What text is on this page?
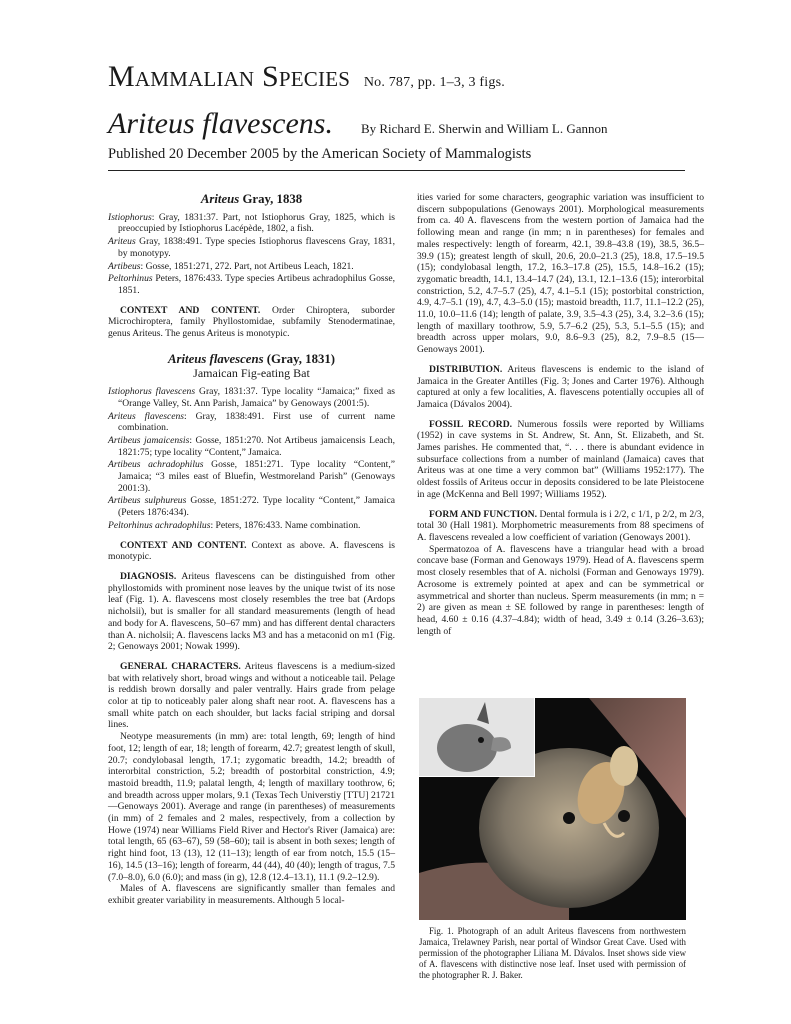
Mammalian Species No. 787, pp. 1–3, 3 figs.
Ariteus flavescens. By Richard E. Sherwin and William L. Gannon
Published 20 December 2005 by the American Society of Mammalogists
Ariteus Gray, 1838
Istiophorus: Gray, 1831:37. Part, not Istiophorus Gray, 1825, which is preoccupied by Istiophorus Lacépède, 1802, a fish.
Ariteus Gray, 1838:491. Type species Istiophorus flavescens Gray, 1831, by monotypy.
Artibeus: Gosse, 1851:271, 272. Part, not Artibeus Leach, 1821.
Peltorhinus Peters, 1876:433. Type species Artibeus achradophilus Gosse, 1851.

CONTEXT AND CONTENT. Order Chiroptera, suborder Microchiroptera, family Phyllostomidae, subfamily Stenodermatinae, genus Ariteus. The genus Ariteus is monotypic.

Ariteus flavescens (Gray, 1831)
Jamaican Fig-eating Bat
Istiophorus flavescens Gray, 1831:37. Type locality “Jamaica;” fixed as “Orange Valley, St. Ann Parish, Jamaica” by Genoways (2001:5).
Ariteus flavescens: Gray, 1838:491. First use of current name combination.
Artibeus jamaicensis: Gosse, 1851:270. Not Artibeus jamaicensis Leach, 1821:75; type locality “Content,” Jamaica.
Artibeus achradophilus Gosse, 1851:271. Type locality “Content,” Jamaica; “3 miles east of Bluefin, Westmoreland Parish” (Genoways 2001:3).
Artibeus sulphureus Gosse, 1851:272. Type locality “Content,” Jamaica (Peters 1876:434).
Peltorhinus achradophilus: Peters, 1876:433. Name combination.

CONTEXT AND CONTENT. Context as above. A. flavescens is monotypic.

DIAGNOSIS. Ariteus flavescens can be distinguished from other phyllostomids with prominent nose leaves by the unique twist of its nose leaf (Fig. 1). A. flavescens most closely resembles the tree bat (Ardops nicholsii), but is smaller for all standard measurements (length of head and body for A. flavescens, 50–67 mm) and has different dental characters than A. nicholsii; A. flavescens lacks M3 and has a metaconid on m1 (Fig. 2; Genoways 2001; Nowak 1999).

GENERAL CHARACTERS. Ariteus flavescens is a medium-sized bat with relatively short, broad wings and without a noticeable tail. Pelage is reddish brown dorsally and paler ventrally. Hairs grade from pelage color at tip to noticeably paler along shaft near root. A. flavescens has a small white patch on each shoulder, but lacks facial striping and dorsal lines.

Neotype measurements (in mm) are: total length, 69; length of hind foot, 12; length of ear, 18; length of forearm, 42.7; greatest length of skull, 20.7; condylobasal length, 17.1; zygomatic breadth, 14.2; breadth of interorbital constriction, 5.2; breadth of postorbital constriction, 4.9; mastoid breadth, 11.9; palatal length, 4; length of maxillary toothrow, 6; and breadth across upper molars, 9.1 (Texas Tech Universtiy [TTU] 21721—Genoways 2001). Average and range (in parentheses) of measurements (in mm) of 2 females and 2 males, respectively, from a collection by Howe (1974) near Williams Field River and Hector's River (Jamaica) are: total length, 65 (63–67), 59 (58–60); tail is absent in both sexes; length of right hind foot, 13 (13), 12 (11–13); length of ear from notch, 15.5 (15–16), 14.5 (13–16); length of forearm, 44 (44), 40 (40); length of tragus, 7.5 (7.0–8.0), 6.0 (6.0); and mass (in g), 12.8 (12.4–13.1), 11.1 (9.2–12.9).

Males of A. flavescens are significantly smaller than females and exhibit greater variability in measurements. Although 5 local-

ities varied for some characters, geographic variation was insufficient to discern subpopulations (Genoways 2001). Morphological measurements from ca. 40 A. flavescens from the western portion of Jamaica had the following mean and range (in mm; n in parentheses) for females and males respectively: length of forearm, 42.1, 39.8–43.8 (19), 38.5, 36.5–39.9 (15); greatest length of skull, 20.6, 20.0–21.3 (25), 18.8, 17.5–19.5 (15); condylobasal length, 17.2, 16.3–17.8 (25), 15.5, 14.8–16.2 (15); zygomatic breadth, 14.1, 13.4–14.7 (24), 13.1, 12.1–13.6 (15); interorbital constriction, 5.2, 4.7–5.7 (25), 4.7, 4.1–5.1 (15); postorbital constriction, 4.9, 4.7–5.1 (19), 4.7, 4.3–5.0 (15); mastoid breadth, 11.7, 11.1–12.2 (25), 11.0, 10.0–11.6 (14); length of palate, 3.9, 3.5–4.3 (25), 3.4, 3.2–3.6 (15); length of maxillary toothrow, 5.9, 5.7–6.2 (25), 5.3, 5.1–5.5 (15); and breadth across upper molars, 9.0, 8.6–9.3 (25), 8.2, 7.9–8.5 (15—Genoways 2001).

DISTRIBUTION. Ariteus flavescens is endemic to the island of Jamaica in the Greater Antilles (Fig. 3; Jones and Carter 1976). Although captured at only a few localities, A. flavescens potentially occupies all of Jamaica (Dávalos 2004).

FOSSIL RECORD. Numerous fossils were reported by Williams (1952) in cave systems in St. Andrew, St. Ann, St. Elizabeth, and St. James parishes. He commented that, “. . . there is abundant evidence in subsurface collections from a number of mainland (Jamaica) caves that Ariteus was at one time a very common bat” (Williams 1952:177). The oldest fossils of Ariteus occur in deposits considered to be late Pleistocene in age (McKenna and Bell 1997; Williams 1952).

FORM AND FUNCTION. Dental formula is i 2/2, c 1/1, p 2/2, m 2/3, total 30 (Hall 1981). Morphometric measurements from 88 specimens of A. flavescens revealed a low coefficient of variation (Genoways 2001).

Spermatozoa of A. flavescens have a triangular head with a broad concave base (Forman and Genoways 1979). Head of A. flavescens sperm most closely resembles that of A. nicholsi (Forman and Genoways 1979). Acrosome is extremely pointed at apex and can be symmetrical or asymmetrical and shorter than nucleus. Sperm measurements (in mm; n = 2) are given as mean ± SE followed by range in parentheses: length of head, 4.60 ± 0.16 (4.37–4.84); width of head, 3.49 ± 0.14 (3.26–3.63); length of

Fig. 1. Photograph of an adult Ariteus flavescens from northwestern Jamaica, Trelawney Parish, near portal of Windsor Great Cave. Used with permission of the photographer Liliana M. Dávalos. Inset shows side view of A. flavescens with distinctive nose leaf. Inset used with permission of the photographer R. J. Baker.
